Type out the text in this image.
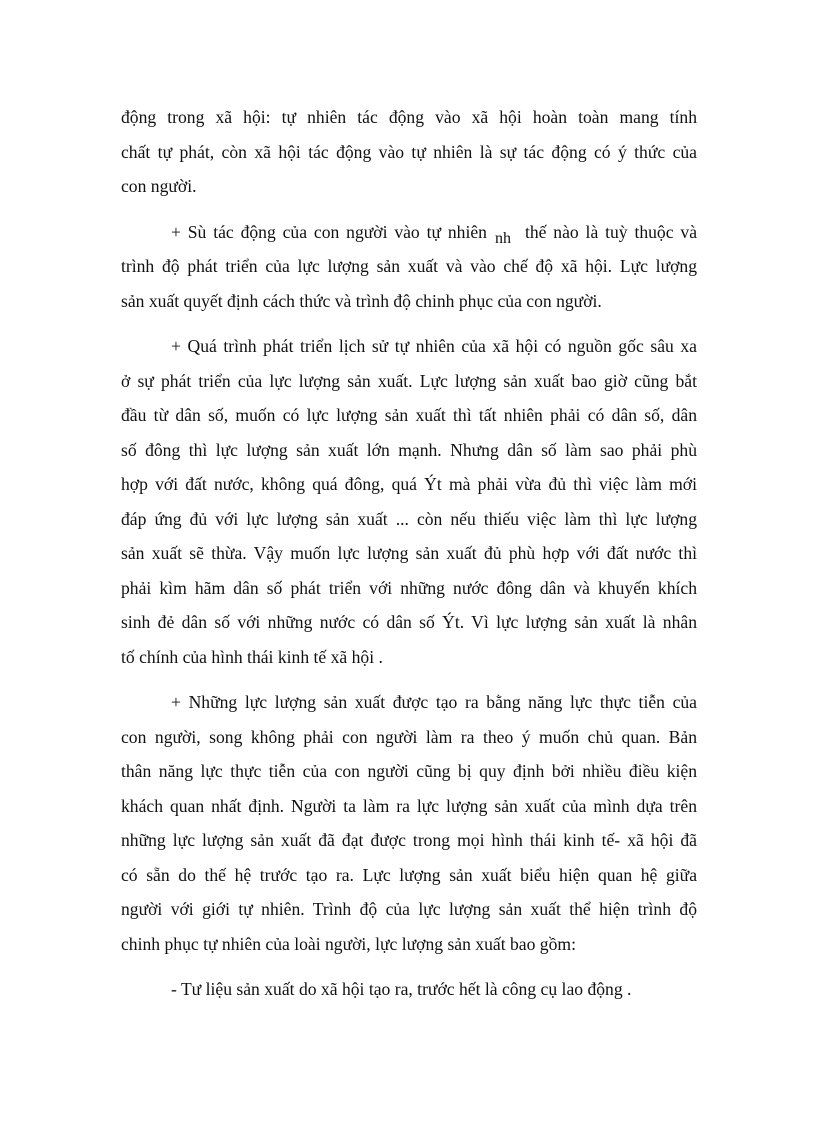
động trong xã hội: tự nhiên tác động vào xã hội hoàn toàn mang tính
chất tự phát, còn xã hội tác động vào tự nhiên là sự tác động có ý thức của
con người.
+ Sù tác động của con người vào tự nhiên nh thế nào là tuỳ thuộc và
trình độ phát triển của lực lượng sản xuất và vào chế độ xã hội. Lực lượng
sản xuất quyết định cách thức và trình độ chinh phục của con người.
+ Quá trình phát triển lịch sử tự nhiên của xã hội có nguồn gốc sâu xa
ở sự phát triển của lực lượng sản xuất. Lực lượng sản xuất bao giờ cũng bắt
đầu từ dân số, muốn có lực lượng sản xuất thì tất nhiên phải có dân số, dân
số đông thì lực lượng sản xuất lớn mạnh. Nhưng dân số làm sao phải phù
hợp với đất nước, không quá đông, quá Ýt mà phải vừa đủ thì việc làm mới
đáp ứng đủ với lực lượng sản xuất ... còn nếu thiếu việc làm thì lực lượng
sản xuất sẽ thừa. Vậy muốn lực lượng sản xuất đủ phù hợp với đất nước thì
phải kìm hãm dân số phát triển với những nước đông dân và khuyến khích
sinh đẻ dân số với những nước có dân số Ýt. Vì lực lượng sản xuất là nhân
tố chính của hình thái kinh tế xã hội .
+ Những lực lượng sản xuất được tạo ra bằng năng lực thực tiễn của
con người, song không phải con người làm ra theo ý muốn chủ quan. Bản
thân năng lực thực tiễn của con người cũng bị quy định bởi nhiều điều kiện
khách quan nhất định. Người ta làm ra lực lượng sản xuất của mình dựa trên
những lực lượng sản xuất đã đạt được trong mọi hình thái kinh tế- xã hội đã
có sẵn do thế hệ trước tạo ra. Lực lượng sản xuất biểu hiện quan hệ giữa
người với giới tự nhiên. Trình độ của lực lượng sản xuất thể hiện trình độ
chinh phục tự nhiên của loài người, lực lượng sản xuất bao gồm:
- Tư liệu sản xuất do xã hội tạo ra, trước hết là công cụ lao động .
